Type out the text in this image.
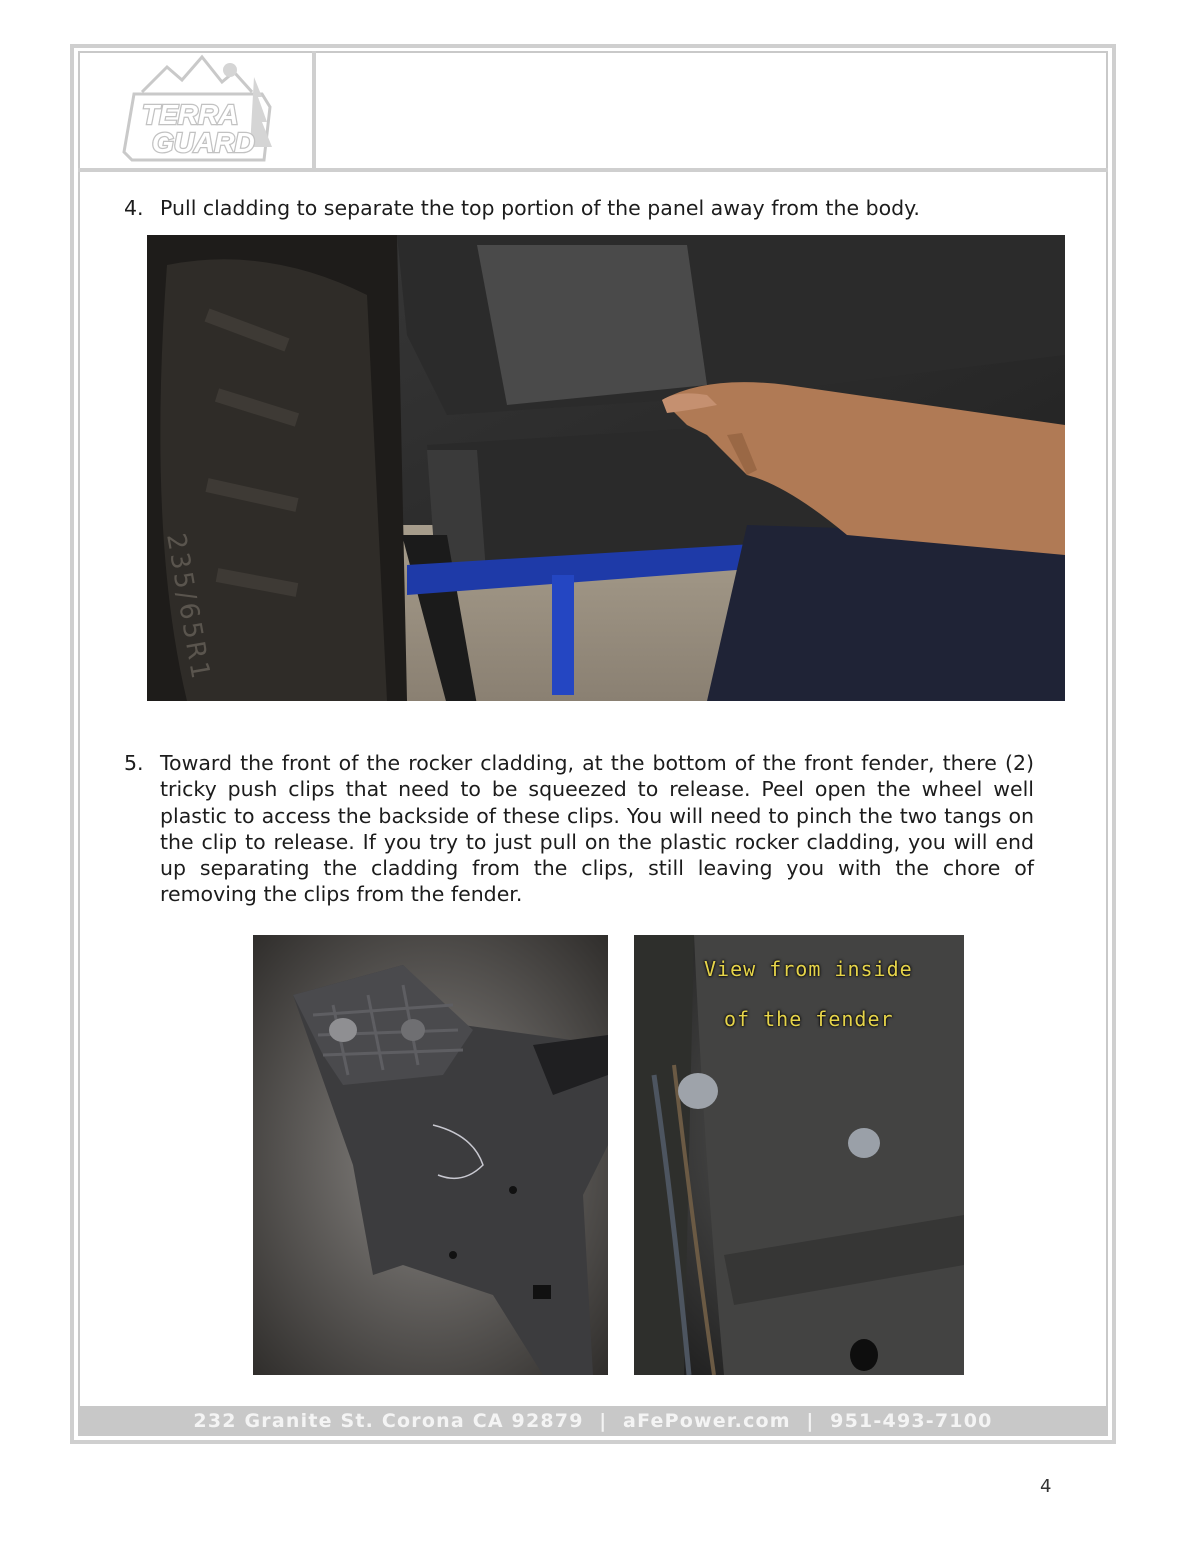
TERRA
GUARD
4. Pull cladding to separate the top portion of the panel away from the body.
235/65R1
5. Toward the front of the rocker cladding, at the bottom of the front fender, there (2) tricky push clips that need to be squeezed to release. Peel open the wheel well plastic to access the backside of these clips. You will need to pinch the two tangs on the clip to release. If you try to just pull on the plastic rocker cladding, you will end up separating the cladding from the clips, still leaving you with the chore of removing the clips from the fender.
View from inside
of the fender
232 Granite St. Corona CA 92879  |  aFePower.com  |  951-493-7100
4
